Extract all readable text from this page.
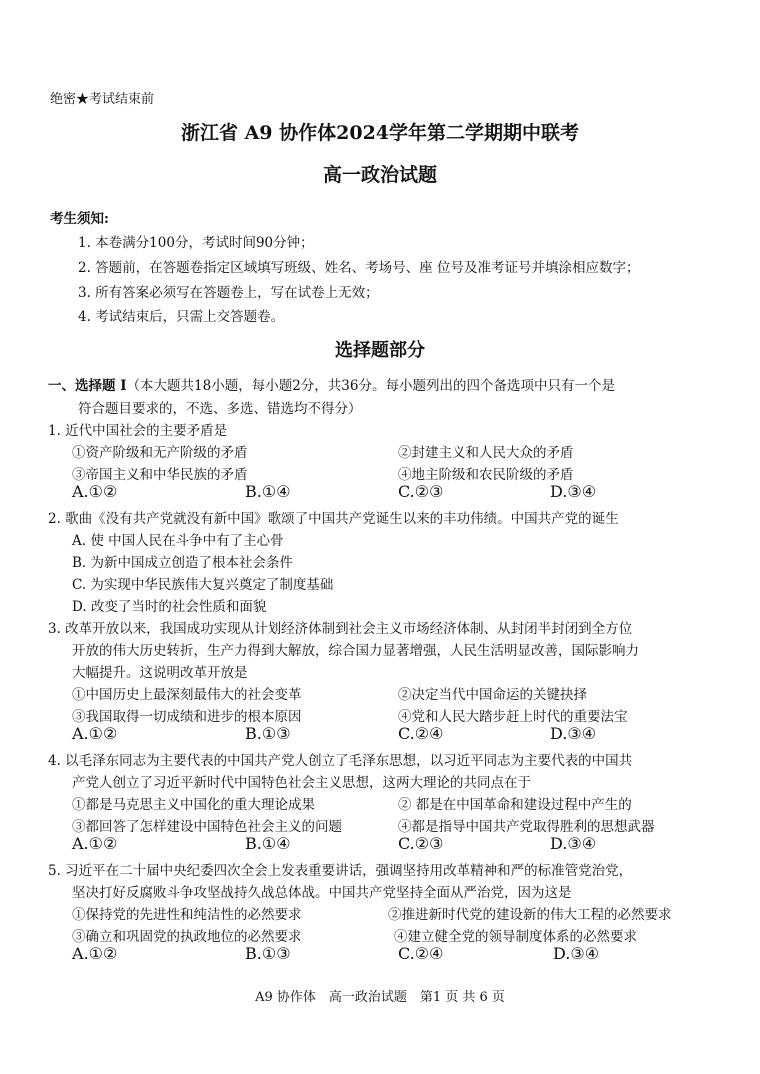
绝密★考试结束前
浙江省 A9 协作体2024学年第二学期期中联考
高一政治试题
考生须知:
1. 本卷满分100分，考试时间90分钟；
2. 答题前，在答题卷指定区域填写班级、姓名、考场号、座 位号及准考证号并填涂相应数字；
3. 所有答案必须写在答题卷上，写在试卷上无效；
4. 考试结束后，只需上交答题卷。
选择题部分
一、选择题 I（本大题共18小题，每小题2分，共36分。每小题列出的四个备选项中只有一个是
符合题目要求的，不选、多选、错选均不得分）
1. 近代中国社会的主要矛盾是
①资产阶级和无产阶级的矛盾	②封建主义和人民大众的矛盾
③帝国主义和中华民族的矛盾	④地主阶级和农民阶级的矛盾
A.①②	B.①④	C.②③	D.③④
2. 歌曲《没有共产党就没有新中国》歌颂了中国共产党诞生以来的丰功伟绩。中国共产党的诞生
A. 使 中国人民在斗争中有了主心骨
B. 为新中国成立创造了根本社会条件
C. 为实现中华民族伟大复兴奠定了制度基础
D. 改变了当时的社会性质和面貌
3. 改革开放以来，我国成功实现从计划经济体制到社会主义市场经济体制、从封闭半封闭到全方位
开放的伟大历史转折，生产力得到大解放，综合国力显著增强，人民生活明显改善，国际影响力
大幅提升。这说明改革开放是
①中国历史上最深刻最伟大的社会变革	②决定当代中国命运的关键抉择
③我国取得一切成绩和进步的根本原因	④党和人民大踏步赶上时代的重要法宝
A.①②	B.①③	C.②④	D.③④
4. 以毛泽东同志为主要代表的中国共产党人创立了毛泽东思想，以习近平同志为主要代表的中国共
产党人创立了习近平新时代中国特色社会主义思想，这两大理论的共同点在于
①都是马克思主义中国化的重大理论成果	② 都是在中国革命和建设过程中产生的
③都回答了怎样建设中国特色社会主义的问题	④都是指导中国共产党取得胜利的思想武器
A.①②	B.①④	C.②③	D.③④
5. 习近平在二十届中央纪委四次全会上发表重要讲话，强调坚持用改革精神和严的标准管党治党，
坚决打好反腐败斗争攻坚战持久战总体战。中国共产党坚持全面从严治党，因为这是
①保持党的先进性和纯洁性的必然要求	②推进新时代党的建设新的伟大工程的必然要求
③确立和巩固党的执政地位的必然要求	④建立健全党的领导制度体系的必然要求
A.①②	B.①③	C.②④	D.③④
A9 协作体　高一政治试题　第1 页 共 6 页
